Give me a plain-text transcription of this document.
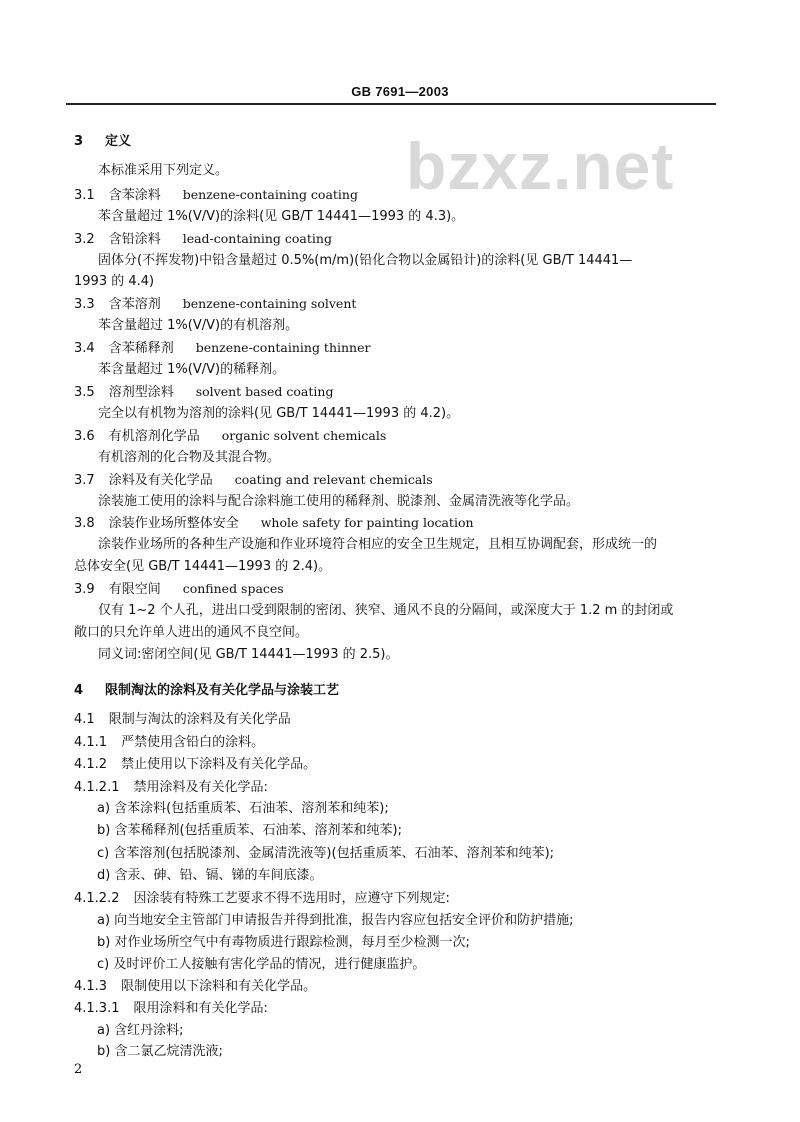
GB 7691—2003
bzxz.net
3 定义
本标准采用下列定义。
3.1 含苯涂料 benzene-containing coating
苯含量超过 1%(V/V)的涂料(见 GB/T 14441—1993 的 4.3)。
3.2 含铅涂料 lead-containing coating
固体分(不挥发物)中铅含量超过 0.5%(m/m)(铅化合物以金属铅计)的涂料(见 GB/T 14441—
1993 的 4.4)
3.3 含苯溶剂 benzene-containing solvent
苯含量超过 1%(V/V)的有机溶剂。
3.4 含苯稀释剂 benzene-containing thinner
苯含量超过 1%(V/V)的稀释剂。
3.5 溶剂型涂料 solvent based coating
完全以有机物为溶剂的涂料(见 GB/T 14441—1993 的 4.2)。
3.6 有机溶剂化学品 organic solvent chemicals
有机溶剂的化合物及其混合物。
3.7 涂料及有关化学品 coating and relevant chemicals
涂装施工使用的涂料与配合涂料施工使用的稀释剂、脱漆剂、金属清洗液等化学品。
3.8 涂装作业场所整体安全 whole safety for painting location
涂装作业场所的各种生产设施和作业环境符合相应的安全卫生规定，且相互协调配套，形成统一的
总体安全(见 GB/T 14441—1993 的 2.4)。
3.9 有限空间 confined spaces
仅有 1~2 个人孔，进出口受到限制的密闭、狭窄、通风不良的分隔间，或深度大于 1.2 m 的封闭或
敞口的只允许单人进出的通风不良空间。
同义词:密闭空间(见 GB/T 14441—1993 的 2.5)。
4 限制淘汰的涂料及有关化学品与涂装工艺
4.1 限制与淘汰的涂料及有关化学品
4.1.1 严禁使用含铅白的涂料。
4.1.2 禁止使用以下涂料及有关化学品。
4.1.2.1 禁用涂料及有关化学品:
a) 含苯涂料(包括重质苯、石油苯、溶剂苯和纯苯);
b) 含苯稀释剂(包括重质苯、石油苯、溶剂苯和纯苯);
c) 含苯溶剂(包括脱漆剂、金属清洗液等)(包括重质苯、石油苯、溶剂苯和纯苯);
d) 含汞、砷、铅、镉、锑的车间底漆。
4.1.2.2 因涂装有特殊工艺要求不得不选用时，应遵守下列规定:
a) 向当地安全主管部门申请报告并得到批准，报告内容应包括安全评价和防护措施;
b) 对作业场所空气中有毒物质进行跟踪检测，每月至少检测一次;
c) 及时评价工人接触有害化学品的情况，进行健康监护。
4.1.3 限制使用以下涂料和有关化学品。
4.1.3.1 限用涂料和有关化学品:
a) 含红丹涂料;
b) 含二氯乙烷清洗液;
2
